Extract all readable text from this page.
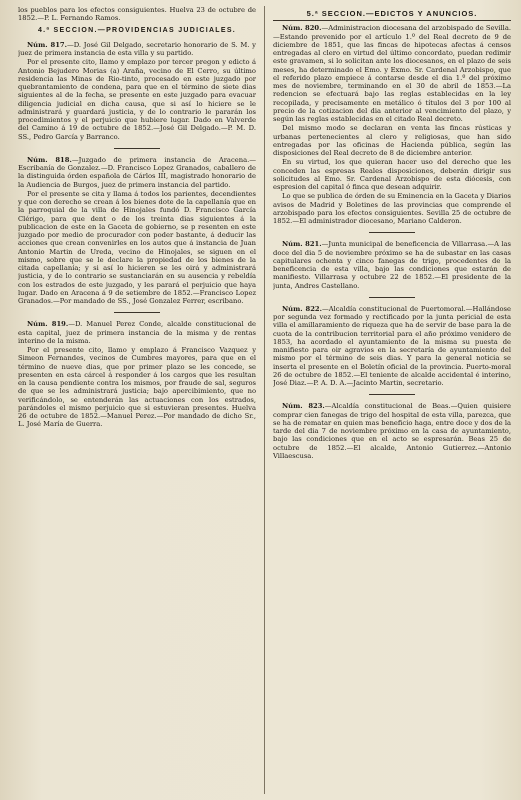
los pueblos para los efectos consiguientes. Huelva 23 de octubre de 1852.—P. L. Fernando Ramos.

4.ª SECCION.—PROVIDENCIAS JUDICIALES.

Núm. 817.—D. José Gil Delgado, secretario honorario de S. M. y juez de primera instancia de esta villa y su partido.

Por el presente cito, llamo y emplazo por tercer pregon y edicto á Antonio Bejudero Morias (a) Araña, vecino de El Cerro, su último residencia las Minas de Rio-tinto, procesado en este juzgado por quebrantamiento de condena, para que en el término de siete dias siguientes al de la fecha, se presente en este juzgado para evacuar diligencia judicial en dicha causa, que si así lo hiciere se le administrará y guardará justicia, y de lo contrario le pararán los procedimientos y el perjuicio que hubiere lugar. Dado en Valverde del Camino á 19 de octubre de 1852.—José Gil Delgado.—P. M. D. SS., Pedro García y Barranco.

Núm. 818.—Juzgado de primera instancia de Aracena.—Escribanía de Gonzalez.—D. Francisco Lopez Granados, caballero de la distinguida órden española de Cárlos III, magistrado honorario de la Audiencia de Burgos, juez de primera instancia del partido.

Por el presente se cita y llama á todos los parientes, decendientes y que con derecho se crean á los bienes dote de la capellanía que en la parroquial de la villa de Hinojales fundó D. Francisco García Clérigo, para que dent o de los treinta dias siguientes á la publicacion de este en la Gaceta de gobierno, se p resenten en este juzgado por medio de procurador con poder bastante, á deducir las acciones que crean convenirles en los autos que á instancia de Juan Antonio Martin de Ureda, vecino de Hinojales, se siguen en el mismo, sobre que se le declare la propiedad de los bienes de la citada capellanía; y si así lo hicieren se les oirá y administrará justicia, y de lo contrario se sustanciarán en su ausencia y rebeldía con los estrados de este juzgado, y les parará el perjuicio que haya lugar. Dado en Aracena á 9 de setiembre de 1852.—Francisco Lopez Granados.—Por mandado de SS., José Gonzalez Ferrer, escribano.

Núm. 819.—D. Manuel Perez Conde, alcalde constitucional de esta capital, juez de primera instancia de la misma y de rentas interino de la misma.

Por el presente cito, llamo y emplazo á Francisco Vazquez y Simeon Fernandes, vecinos de Cumbres mayores, para que en el término de nueve dias, que por primer plazo se les concede, se presenten en esta cárcel á responder á los cargos que les resultan en la causa pendiente contra los mismos, por fraude de sal, seguros de que se les administrará justicia; bajo apercibimiento, que no verificándolo, se entenderán las actuaciones con los estrados, parándoles el mismo perjuicio que si estuvieran presentes. Huelva 26 de octubre de 1852.—Manuel Perez.—Por mandado de dicho Sr., L. José María de Guerra.

5.ª SECCION.—EDICTOS Y ANUNCIOS.

Núm. 820.—Administracion diocesana del arzobispado de Sevilla.—Estando prevenido por el artículo 1.º del Real decreto de 9 de diciembre de 1851, que las fincas de hipotecas afectas á censos entregadas al clero en virtud del último concordato, puedan redimir este gravamen, si lo solicitan ante los diocesanos, en el plazo de seis meses, ha determinado el Emo. y Exmo. Sr. Cardenal Arzobispo, que el referido plazo empiece á contarse desde el dia 1.º del próximo mes de noviembre, terminando en el 30 de abril de 1853.—La redencion se efectuará bajo las reglas establecidas en la ley recopilada, y precisamente en metálico ó títulos del 3 por 100 al precio de la cotizacion del dia anterior al vencimiento del plazo, y según las reglas establecidas en el citado Real decreto.

Del mismo modo se declaran en venta las fincas rústicas y urbanas pertenecientes al clero y religiosas, que han sido entregadas por las oficinas de Hacienda pública, según las disposiciones del Real decreto de 8 de diciembre anterior.

En su virtud, los que quieran hacer uso del derecho que les conceden las espresas Reales disposiciones, deberán dirigir sus solicitudes al Emo. Sr. Cardenal Arzobispo de esta diócesis, con espresion del capital ó finca que desean adquirir.

Lo que se publica de órden de su Eminencia en la Gaceta y Diarios avisos de Madrid y Boletines de las provincias que comprende el arzobispado para los efectos consiguientes. Sevilla 25 de octubre de 1852.—El administrador diocesano, Mariano Calderon.

Núm. 821.—Junta municipal de beneficencia de Villarrasa.—A las doce del dia 5 de noviembre próximo se ha de subastar en las casas capitulares ochenta y cinco fanegas de trigo, procedentes de la beneficencia de esta villa, bajo las condiciones que estarán de manifiesto. Villarrasa y octubre 22 de 1852.—El presidente de la junta, Andres Castellano.

Núm. 822.—Alcaldía constitucional de Puertomoral.—Hallándose por segunda vez formado y rectificado por la junta pericial de esta villa el amillaramiento de riqueza que ha de servir de base para la de cuota de la contribucion territorial para el año próximo venidero de 1853, ha acordado el ayuntamiento de la misma su puesta de manifiesto para oir agravios en la secretaría de ayuntamiento del mismo por el término de seis dias. Y para la general noticia se inserta el presente en el Boletín oficial de la provincia. Puerto-moral 26 de octubre de 1852.—El teniente de alcalde accidental é interino, José Diaz.—P. A. D. A.—Jacinto Martin, secretario.

Núm. 823.—Alcaldía constitucional de Beas.—Quien quisiere comprar cien fanegas de trigo del hospital de esta villa, parezca, que se ha de rematar en quien mas beneficio haga, entre doce y dos de la tarde del dia 7 de noviembre próximo en la casa de ayuntamiento, bajo las condiciones que en el acto se espresarán. Beas 25 de octubre de 1852.—El alcalde, Antonio Gutierrez.—Antonio Villaescusa.
